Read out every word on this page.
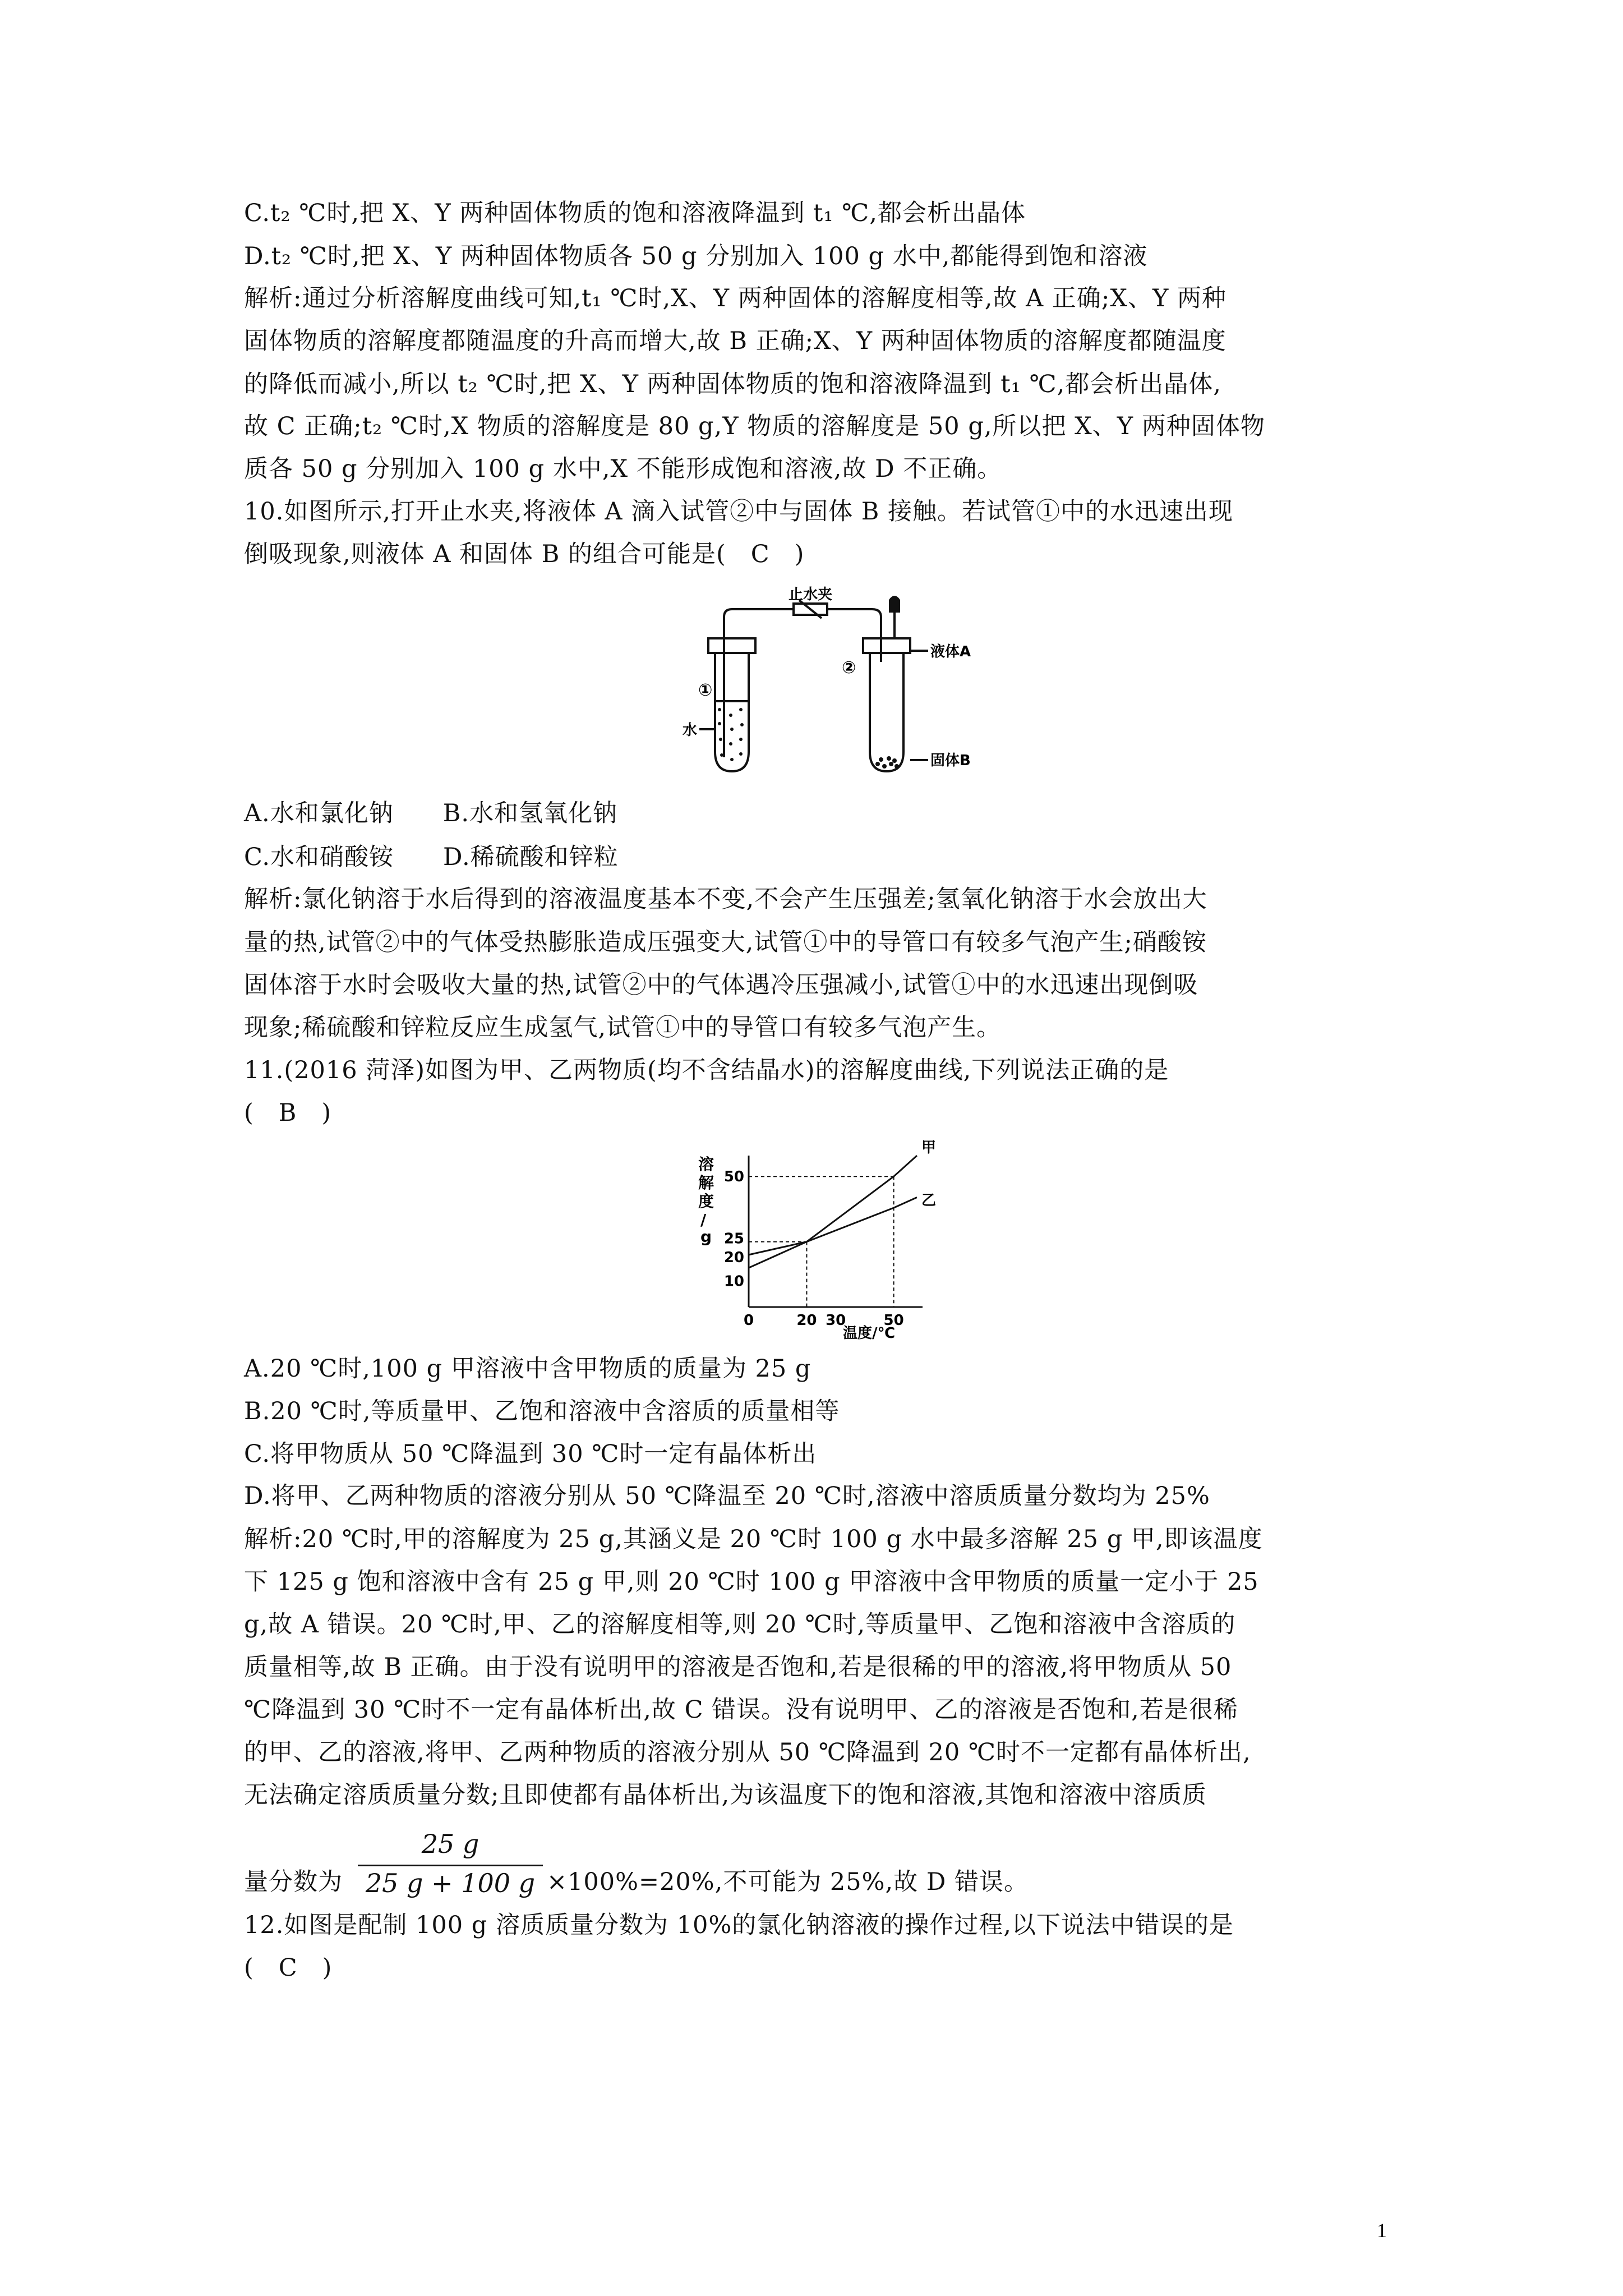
C.t₂ ℃时,把 X、Y 两种固体物质的饱和溶液降温到 t₁ ℃,都会析出晶体
D.t₂ ℃时,把 X、Y 两种固体物质各 50 g 分别加入 100 g 水中,都能得到饱和溶液
解析:通过分析溶解度曲线可知,t₁ ℃时,X、Y 两种固体的溶解度相等,故 A 正确;X、Y 两种
固体物质的溶解度都随温度的升高而增大,故 B 正确;X、Y 两种固体物质的溶解度都随温度
的降低而减小,所以 t₂ ℃时,把 X、Y 两种固体物质的饱和溶液降温到 t₁ ℃,都会析出晶体,
故 C 正确;t₂ ℃时,X 物质的溶解度是 80 g,Y 物质的溶解度是 50 g,所以把 X、Y 两种固体物
质各 50 g 分别加入 100 g 水中,X 不能形成饱和溶液,故 D 不正确。
10.如图所示,打开止水夹,将液体 A 滴入试管②中与固体 B 接触。若试管①中的水迅速出现
倒吸现象,则液体 A 和固体 B 的组合可能是(　C　)
止水夹
①
②
液体A
水
固体B
A.水和氯化钠　　B.水和氢氧化钠
C.水和硝酸铵　　D.稀硫酸和锌粒
解析:氯化钠溶于水后得到的溶液温度基本不变,不会产生压强差;氢氧化钠溶于水会放出大
量的热,试管②中的气体受热膨胀造成压强变大,试管①中的导管口有较多气泡产生;硝酸铵
固体溶于水时会吸收大量的热,试管②中的气体遇冷压强减小,试管①中的水迅速出现倒吸
现象;稀硫酸和锌粒反应生成氢气,试管①中的导管口有较多气泡产生。
11.(2016 菏泽)如图为甲、乙两物质(均不含结晶水)的溶解度曲线,下列说法正确的是
(　B　)
0	20 30	50
10
20
25
50
甲
乙
溶
解
度
/
g
温度/℃
A.20 ℃时,100 g 甲溶液中含甲物质的质量为 25 g
B.20 ℃时,等质量甲、乙饱和溶液中含溶质的质量相等
C.将甲物质从 50 ℃降温到 30 ℃时一定有晶体析出
D.将甲、乙两种物质的溶液分别从 50 ℃降温至 20 ℃时,溶液中溶质质量分数均为 25%
解析:20 ℃时,甲的溶解度为 25 g,其涵义是 20 ℃时 100 g 水中最多溶解 25 g 甲,即该温度
下 125 g 饱和溶液中含有 25 g 甲,则 20 ℃时 100 g 甲溶液中含甲物质的质量一定小于 25
g,故 A 错误。20 ℃时,甲、乙的溶解度相等,则 20 ℃时,等质量甲、乙饱和溶液中含溶质的
质量相等,故 B 正确。由于没有说明甲的溶液是否饱和,若是很稀的甲的溶液,将甲物质从 50
℃降温到 30 ℃时不一定有晶体析出,故 C 错误。没有说明甲、乙的溶液是否饱和,若是很稀
的甲、乙的溶液,将甲、乙两种物质的溶液分别从 50 ℃降温到 20 ℃时不一定都有晶体析出,
无法确定溶质质量分数;且即使都有晶体析出,为该温度下的饱和溶液,其饱和溶液中溶质质
量分数为
25 g
25 g + 100 g ×100%=20%,不可能为 25%,故 D 错误。
12.如图是配制 100 g 溶质质量分数为 10%的氯化钠溶液的操作过程,以下说法中错误的是
(　C　)
1
